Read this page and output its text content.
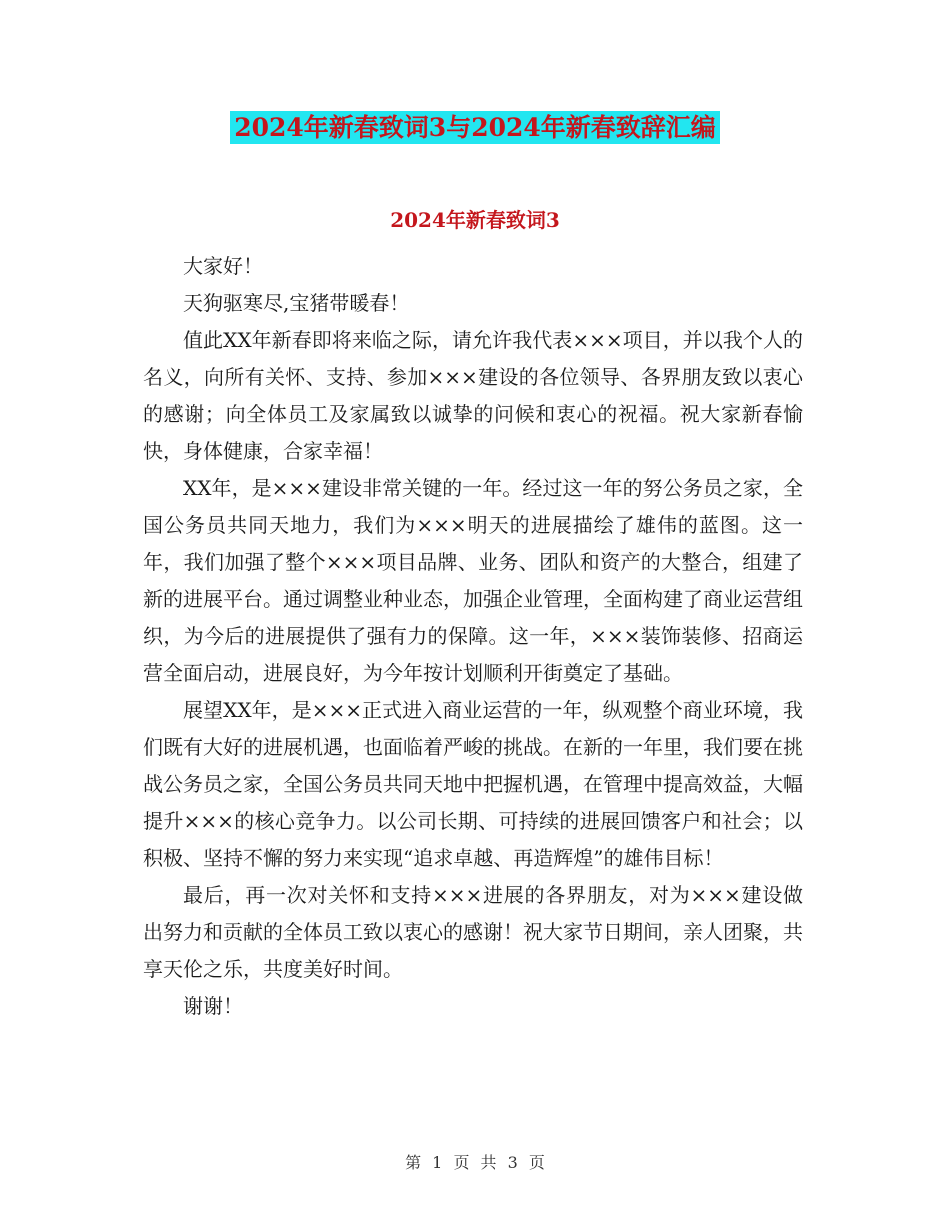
2024年新春致词3与2024年新春致辞汇编
2024年新春致词3

大家好！

天狗驱寒尽,宝猪带暖春！

值此XX年新春即将来临之际，请允许我代表×××项目，并以我个人的名义，向所有关怀、支持、参加×××建设的各位领导、各界朋友致以衷心的感谢；向全体员工及家属致以诚挚的问候和衷心的祝福。祝大家新春愉快，身体健康，合家幸福！

XX年，是×××建设非常关键的一年。经过这一年的努公务员之家，全国公务员共同天地力，我们为×××明天的进展描绘了雄伟的蓝图。这一年，我们加强了整个×××项目品牌、业务、团队和资产的大整合，组建了新的进展平台。通过调整业种业态，加强企业管理，全面构建了商业运营组织，为今后的进展提供了强有力的保障。这一年，×××装饰装修、招商运营全面启动，进展良好，为今年按计划顺利开街奠定了基础。

展望XX年，是×××正式进入商业运营的一年，纵观整个商业环境，我们既有大好的进展机遇，也面临着严峻的挑战。在新的一年里，我们要在挑战公务员之家，全国公务员共同天地中把握机遇，在管理中提高效益，大幅提升×××的核心竞争力。以公司长期、可持续的进展回馈客户和社会；以积极、坚持不懈的努力来实现“追求卓越、再造辉煌”的雄伟目标！

最后，再一次对关怀和支持×××进展的各界朋友，对为×××建设做出努力和贡献的全体员工致以衷心的感谢！祝大家节日期间，亲人团聚，共享天伦之乐，共度美好时间。

谢谢！

第 1 页 共 3 页
